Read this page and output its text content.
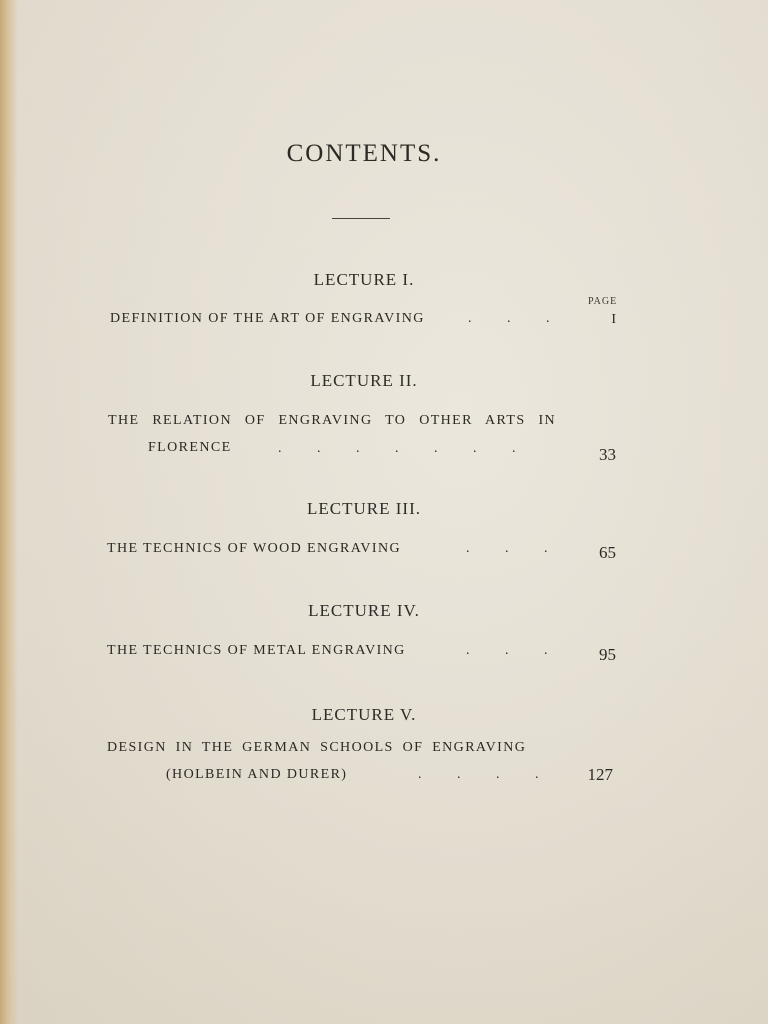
CONTENTS.
LECTURE I.
PAGE
DEFINITION OF THE ART OF ENGRAVING	. . .	I
LECTURE II.
THE RELATION OF ENGRAVING TO OTHER ARTS IN
FLORENCE	. . . . . . .	33
LECTURE III.
THE TECHNICS OF WOOD ENGRAVING	. . .	65
LECTURE IV.
THE TECHNICS OF METAL ENGRAVING	. . .	95
LECTURE V.
DESIGN IN THE GERMAN SCHOOLS OF ENGRAVING
(HOLBEIN AND DURER)	. . . .	127
